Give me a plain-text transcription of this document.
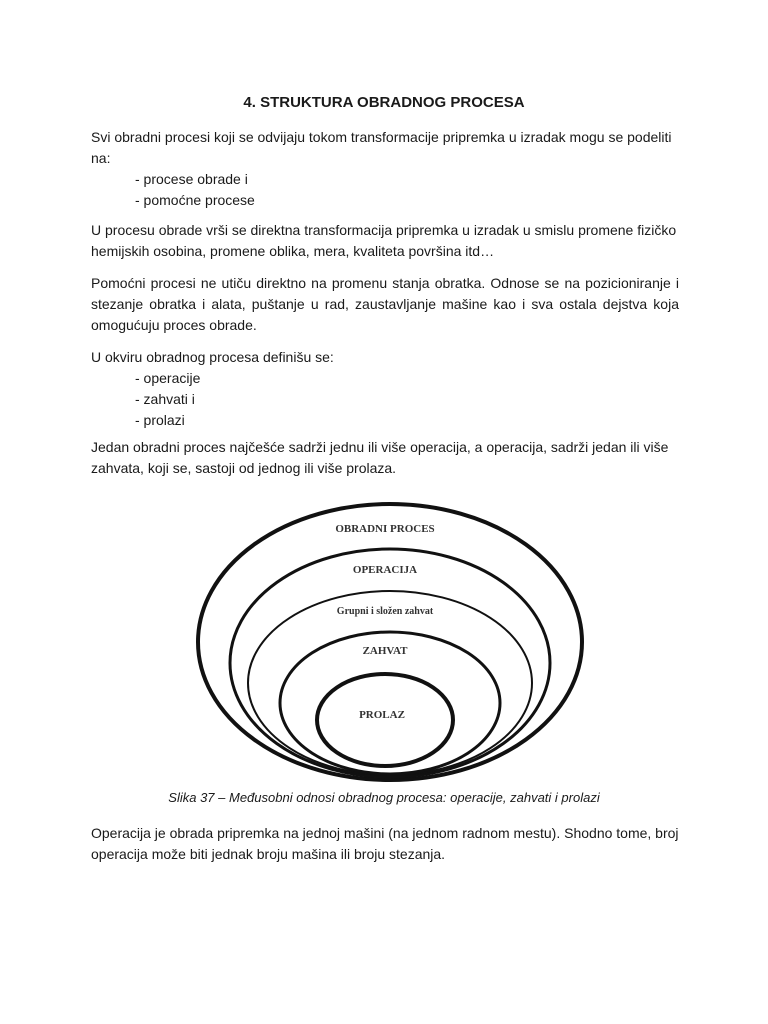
4. STRUKTURA OBRADNOG PROCESA

Svi obradni procesi koji se odvijaju tokom transformacije pripremka u izradak mogu se podeliti na:

- procese obrade i
- pomoćne procese

U procesu obrade vrši se direktna transformacija pripremka u izradak u smislu promene fizičko hemijskih osobina, promene oblika, mera, kvaliteta površina itd…

Pomoćni procesi ne utiču direktno na promenu stanja obratka. Odnose se na pozicioniranje i stezanje obratka i alata, puštanje u rad, zaustavljanje mašine kao i sva ostala dejstva koja omogućuju proces obrade.

U okviru obradnog procesa definišu se:

- operacije
- zahvati i
- prolazi

Jedan obradni proces najčešće sadrži jednu ili više operacija, a operacija, sadrži jedan ili više zahvata, koji se, sastoji od jednog ili više prolaza.

OBRADNI PROCES
OPERACIJA
Grupni i složen zahvat
ZAHVAT
PROLAZ

Slika 37 – Međusobni odnosi obradnog procesa: operacije, zahvati i prolazi

Operacija je obrada pripremka na jednoj mašini (na jednom radnom mestu). Shodno tome, broj operacija može biti jednak broju mašina ili broju stezanja.
